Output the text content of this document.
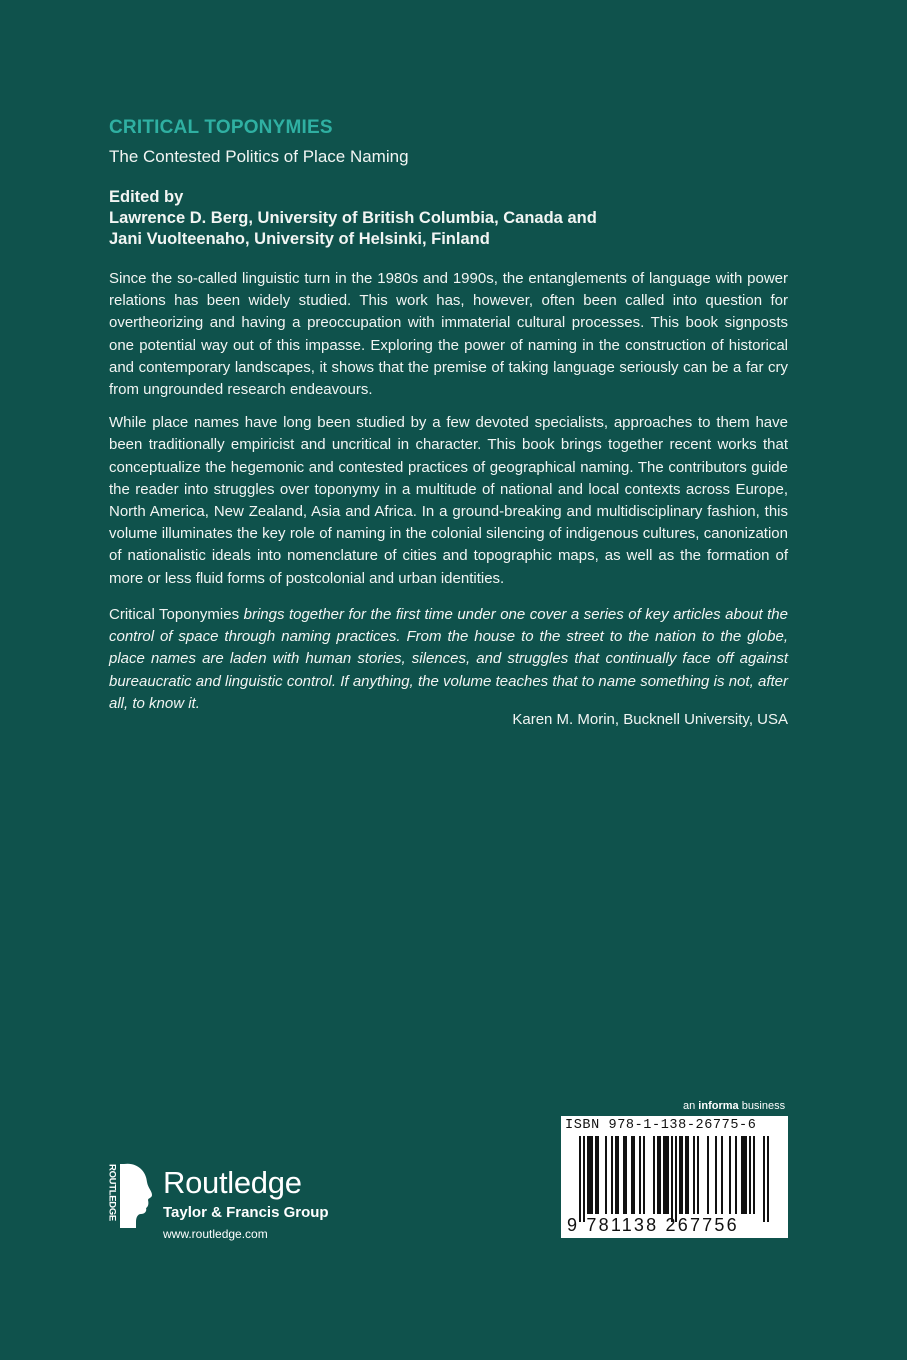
CRITICAL TOPONYMIES
The Contested Politics of Place Naming
Edited by
Lawrence D. Berg, University of British Columbia, Canada and
Jani Vuolteenaho, University of Helsinki, Finland

Since the so-called linguistic turn in the 1980s and 1990s, the entanglements of language with power relations has been widely studied. This work has, however, often been called into question for overtheorizing and having a preoccupation with immaterial cultural processes. This book signposts one potential way out of this impasse. Exploring the power of naming in the construction of historical and contemporary landscapes, it shows that the premise of taking language seriously can be a far cry from ungrounded research endeavours.

While place names have long been studied by a few devoted specialists, approaches to them have been traditionally empiricist and uncritical in character. This book brings together recent works that conceptualize the hegemonic and contested practices of geographical naming. The contributors guide the reader into struggles over toponymy in a multitude of national and local contexts across Europe, North America, New Zealand, Asia and Africa. In a ground-breaking and multidisciplinary fashion, this volume illuminates the key role of naming in the colonial silencing of indigenous cultures, canonization of nationalistic ideals into nomenclature of cities and topographic maps, as well as the formation of more or less fluid forms of postcolonial and urban identities.

Critical Toponymies brings together for the first time under one cover a series of key articles about the control of space through naming practices. From the house to the street to the nation to the globe, place names are laden with human stories, silences, and struggles that continually face off against bureaucratic and linguistic control. If anything, the volume teaches that to name something is not, after all, to know it.
Karen M. Morin, Bucknell University, USA
an informa business
ISBN 978-1-138-26775-6
9 781138 267756
ROUTLEDGE Routledge
Taylor & Francis Group
www.routledge.com
